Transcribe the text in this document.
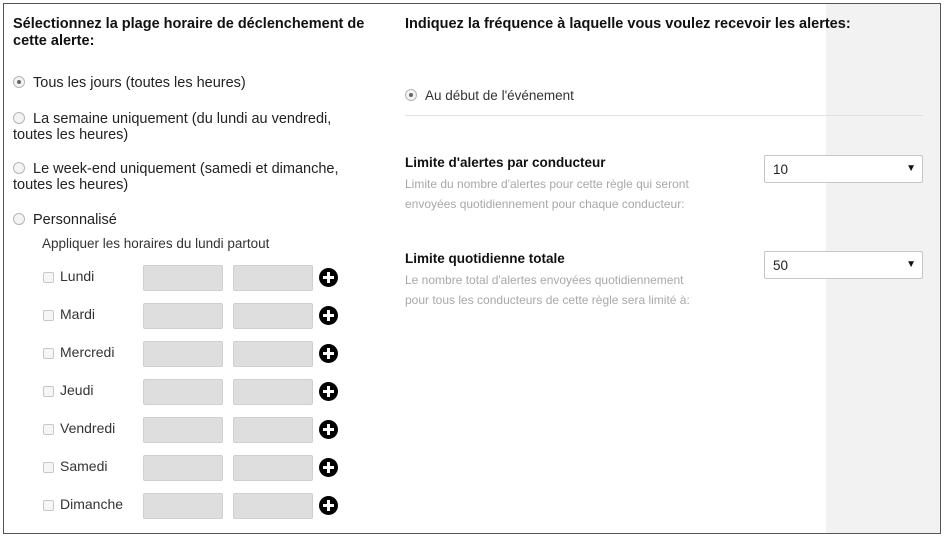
Sélectionnez la plage horaire de déclenchement de cette alerte:
Tous les jours (toutes les heures)
La semaine uniquement (du lundi au vendredi, toutes les heures)
Le week-end uniquement (samedi et dimanche, toutes les heures)
Personnalisé
Appliquer les horaires du lundi partout
Lundi
Mardi
Mercredi
Jeudi
Vendredi
Samedi
Dimanche
Indiquez la fréquence à laquelle vous voulez recevoir les alertes:
Au début de l'événement
Limite d'alertes par conducteur
Limite du nombre d'alertes pour cette règle qui seront envoyées quotidiennement pour chaque conducteur:
10	▼
Limite quotidienne totale
Le nombre total d'alertes envoyées quotidiennement pour tous les conducteurs de cette règle sera limité à:
50	▼
